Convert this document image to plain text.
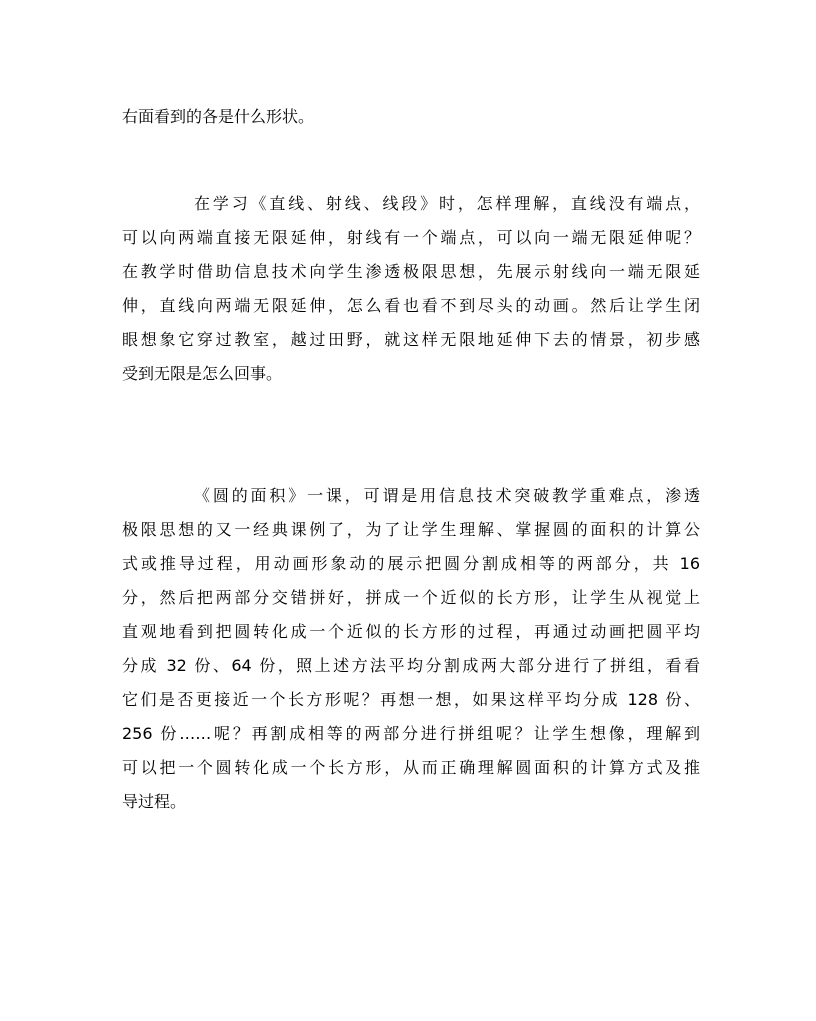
右面看到的各是什么形状。
在学习《直线、射线、线段》时，怎样理解，直线没有端点，
可以向两端直接无限延伸，射线有一个端点，可以向一端无限延伸呢？
在教学时借助信息技术向学生渗透极限思想，先展示射线向一端无限延
伸，直线向两端无限延伸，怎么看也看不到尽头的动画。然后让学生闭
眼想象它穿过教室，越过田野，就这样无限地延伸下去的情景，初步感
受到无限是怎么回事。
《圆的面积》一课，可谓是用信息技术突破教学重难点，渗透
极限思想的又一经典课例了，为了让学生理解、掌握圆的面积的计算公
式或推导过程，用动画形象动的展示把圆分割成相等的两部分，共 16
分，然后把两部分交错拼好，拼成一个近似的长方形，让学生从视觉上
直观地看到把圆转化成一个近似的长方形的过程，再通过动画把圆平均
分成 32 份、64 份，照上述方法平均分割成两大部分进行了拼组，看看
它们是否更接近一个长方形呢？再想一想，如果这样平均分成 128 份、
256 份……呢？再割成相等的两部分进行拼组呢？让学生想像，理解到
可以把一个圆转化成一个长方形，从而正确理解圆面积的计算方式及推
导过程。
